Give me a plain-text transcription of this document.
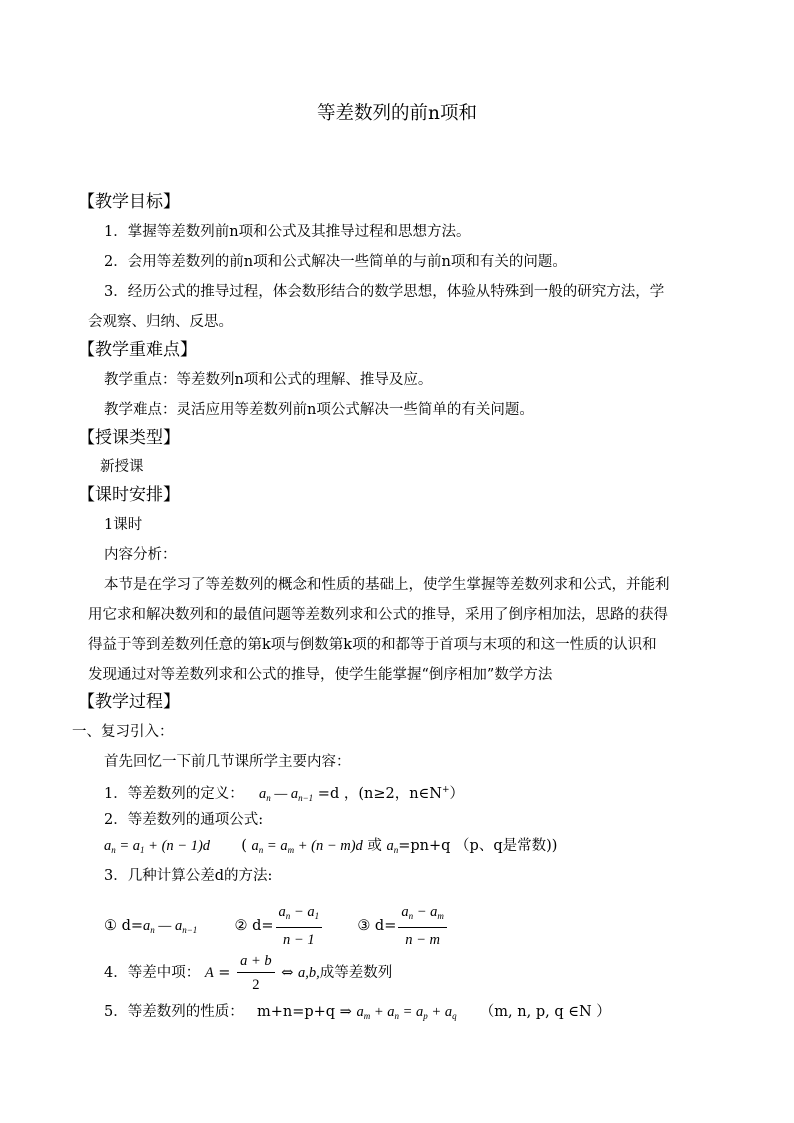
等差数列的前n项和
【教学目标】
1．掌握等差数列前n项和公式及其推导过程和思想方法。
2．会用等差数列的前n项和公式解决一些简单的与前n项和有关的问题。
3．经历公式的推导过程，体会数形结合的数学思想，体验从特殊到一般的研究方法，学
会观察、归纳、反思。
【教学重难点】
教学重点：等差数列n项和公式的理解、推导及应。
教学难点：灵活应用等差数列前n项公式解决一些简单的有关问题。
【授课类型】
新授课
【课时安排】
1课时
内容分析：
本节是在学习了等差数列的概念和性质的基础上，使学生掌握等差数列求和公式，并能利
用它求和解决数列和的最值问题等差数列求和公式的推导，采用了倒序相加法，思路的获得
得益于等到差数列任意的第k项与倒数第k项的和都等于首项与末项的和这一性质的认识和
发现通过对等差数列求和公式的推导，使学生能掌握“倒序相加”数学方法
【教学过程】
一、复习引入：
首先回忆一下前几节课所学主要内容：
1．等差数列的定义： $a_n$ — $a_{n-1} =d$ ，(n≥2，n∈N+）
2．等差数列的通项公式:
$a_n = a_1 + (n - 1)d$ ( $a_n = a_m + (n - m)d$ 或 $a_n=pn+q$ （p、q是常数))
3．几种计算公差d的方法:
① $d=a_n$ — $a_{n-1}$	② $d= \frac{a_n - a_1}{n - 1}$ ③ $d= \frac{a_n - a_m}{n - m}$
4．等差中项： $A = \frac{a + b}{2}$ ⇔ a,b,成等差数列
5．等差数列的性质： m+n=p+q ⇒ $a_m + a_n = a_p + a_q$ （m, n, p, q ∈N ）
